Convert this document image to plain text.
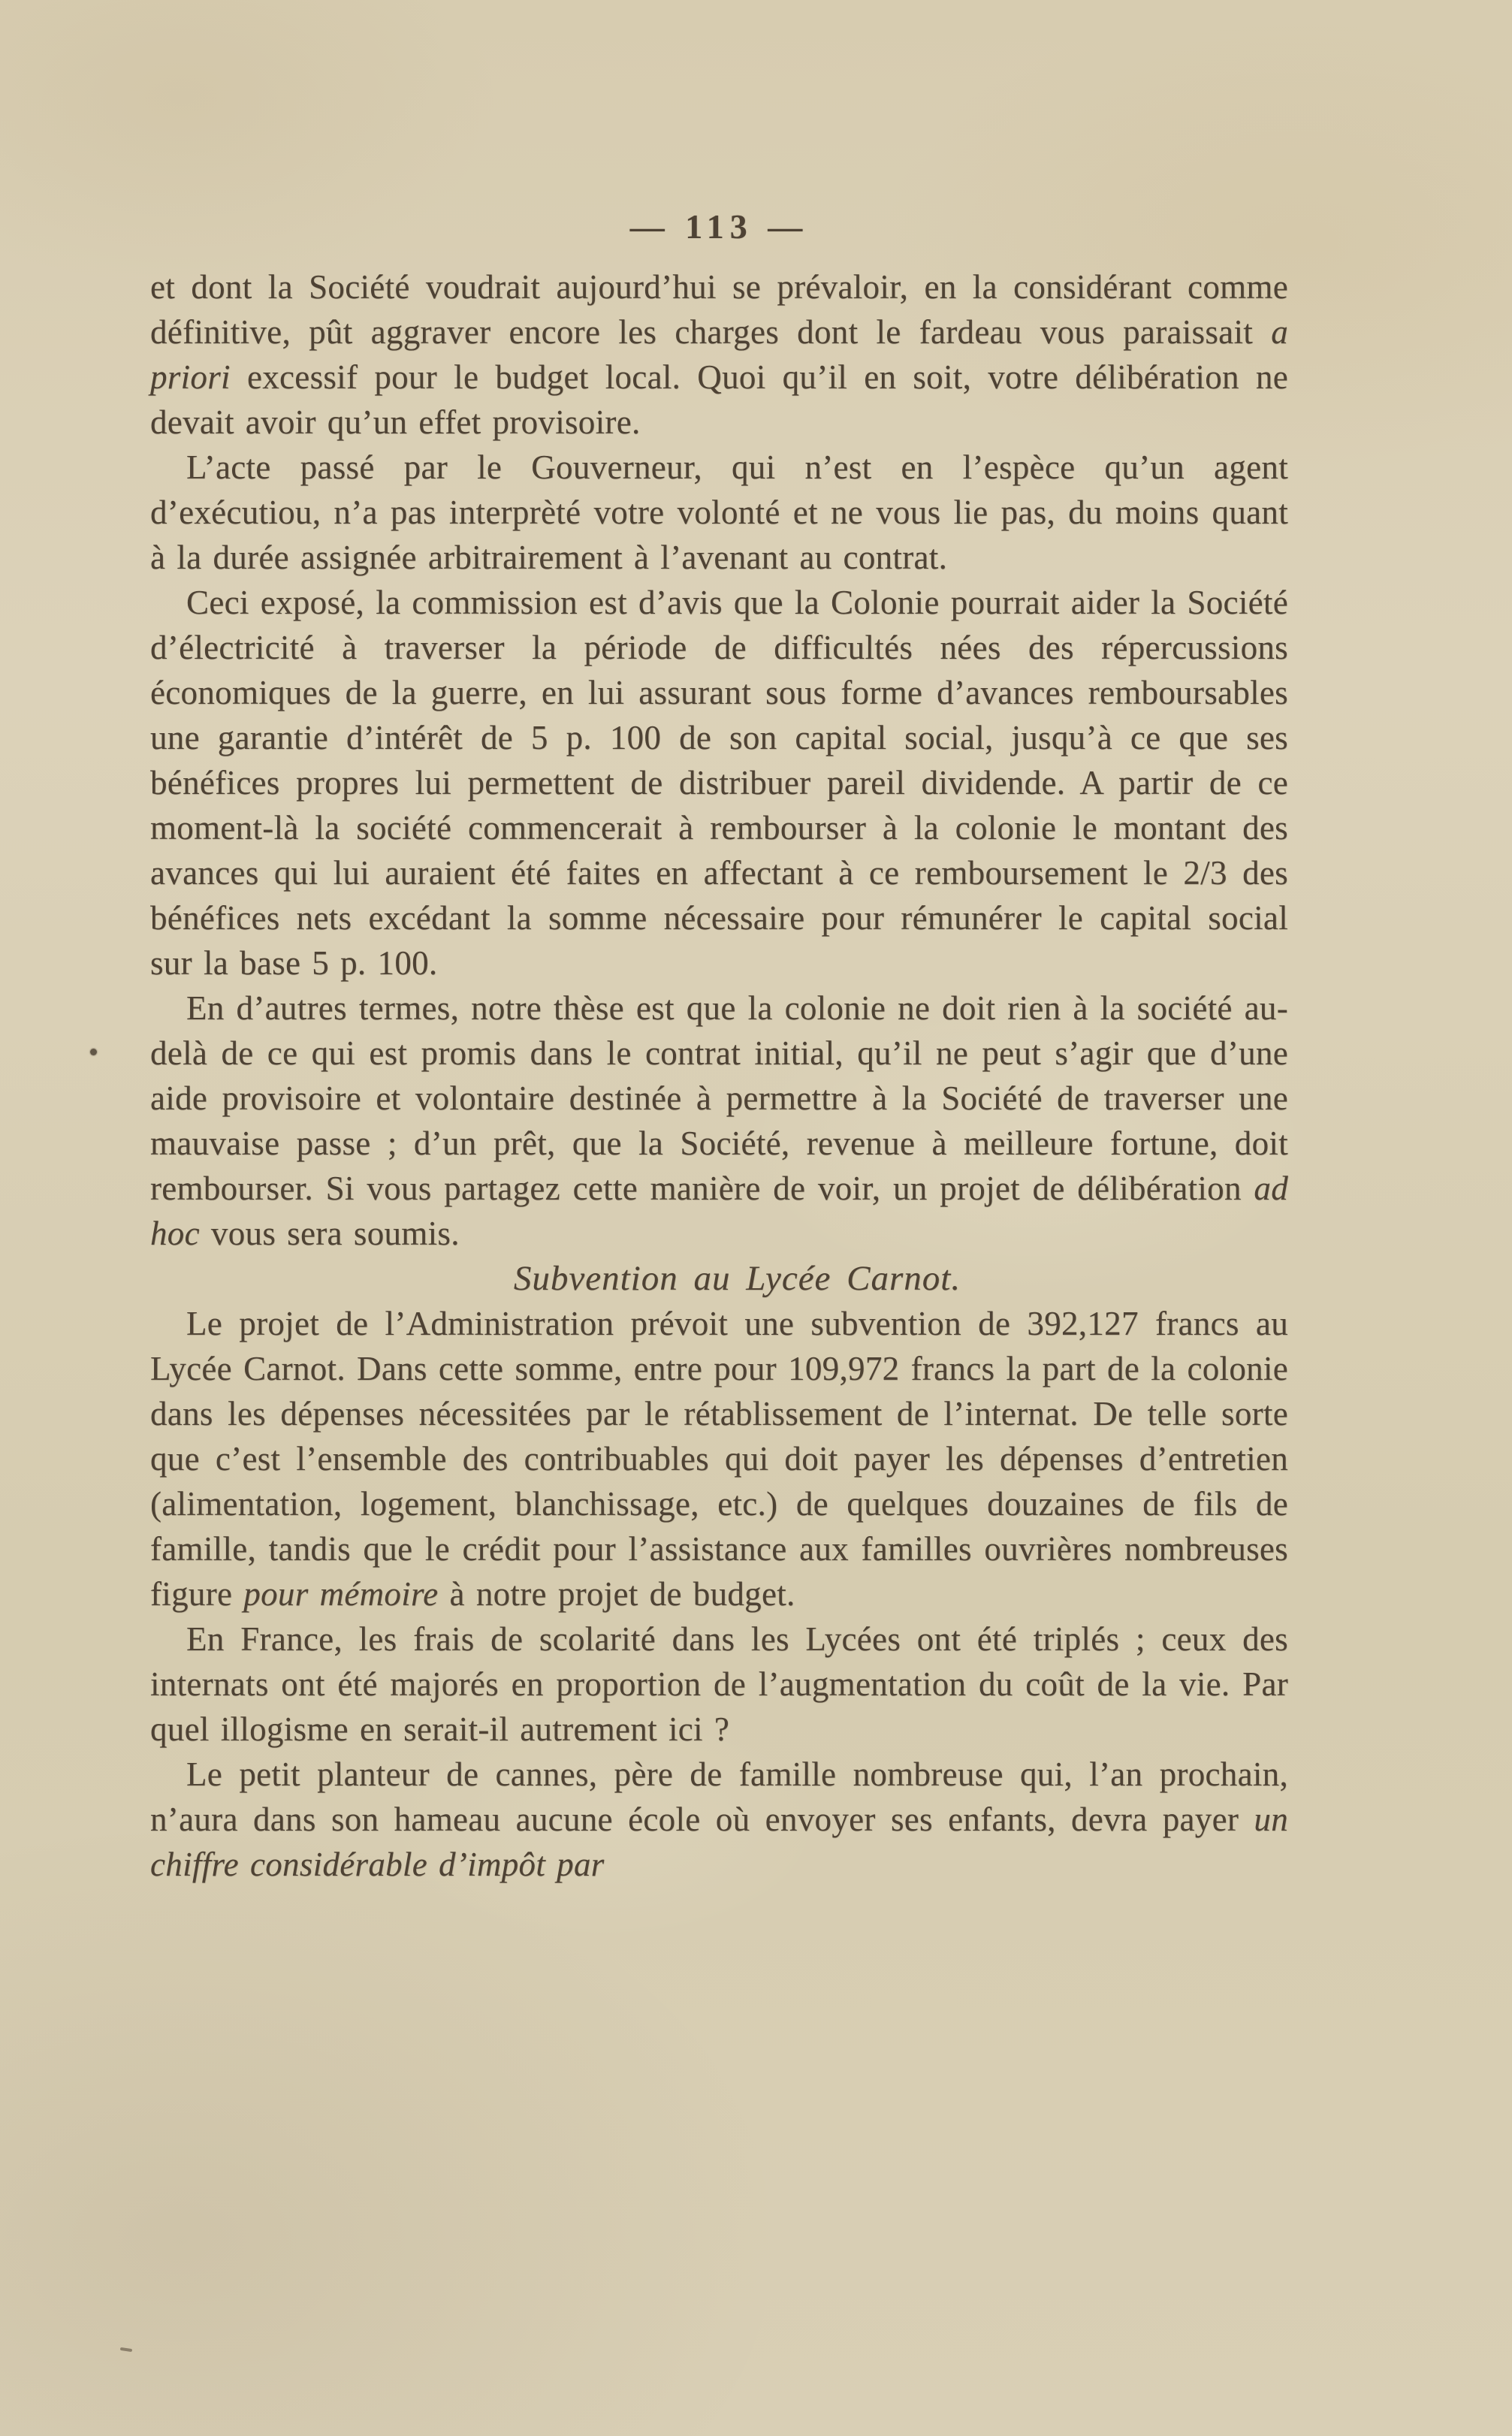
— 113 —

et dont la Société voudrait aujourd’hui se prévaloir, en la considérant comme définitive, pût aggraver encore les charges dont le fardeau vous paraissait a priori excessif pour le budget local. Quoi qu’il en soit, votre délibération ne devait avoir qu’un effet provisoire.

L’acte passé par le Gouverneur, qui n’est en l’espèce qu’un agent d’exécutiou, n’a pas interprèté votre volonté et ne vous lie pas, du moins quant à la durée assignée arbitrairement à l’avenant au contrat.

Ceci exposé, la commission est d’avis que la Colonie pourrait aider la Société d’électricité à traverser la période de difficultés nées des répercussions économiques de la guerre, en lui assurant sous forme d’avances remboursables une garantie d’intérêt de 5 p. 100 de son capital social, jusqu’à ce que ses bénéfices propres lui permettent de distribuer pareil dividende. A partir de ce moment-là la société commencerait à rembourser à la colonie le montant des avances qui lui auraient été faites en affectant à ce remboursement le 2/3 des bénéfices nets excédant la somme nécessaire pour rémunérer le capital social sur la base 5 p. 100.

En d’autres termes, notre thèse est que la colonie ne doit rien à la société au-delà de ce qui est promis dans le contrat initial, qu’il ne peut s’agir que d’une aide provisoire et volontaire destinée à permettre à la Société de traverser une mauvaise passe ; d’un prêt, que la Société, revenue à meilleure fortune, doit rembourser. Si vous partagez cette manière de voir, un projet de délibération ad hoc vous sera soumis.

Subvention au Lycée Carnot.

Le projet de l’Administration prévoit une subvention de 392,127 francs au Lycée Carnot. Dans cette somme, entre pour 109,972 francs la part de la colonie dans les dépenses nécessitées par le rétablissement de l’internat. De telle sorte que c’est l’ensemble des contribuables qui doit payer les dépenses d’entretien (alimentation, logement, blanchissage, etc.) de quelques douzaines de fils de famille, tandis que le crédit pour l’assistance aux familles ouvrières nombreuses figure pour mémoire à notre projet de budget.

En France, les frais de scolarité dans les Lycées ont été triplés ; ceux des internats ont été majorés en proportion de l’augmentation du coût de la vie. Par quel illogisme en serait-il autrement ici ?

Le petit planteur de cannes, père de famille nombreuse qui, l’an prochain, n’aura dans son hameau aucune école où envoyer ses enfants, devra payer un chiffre considérable d’impôt par
